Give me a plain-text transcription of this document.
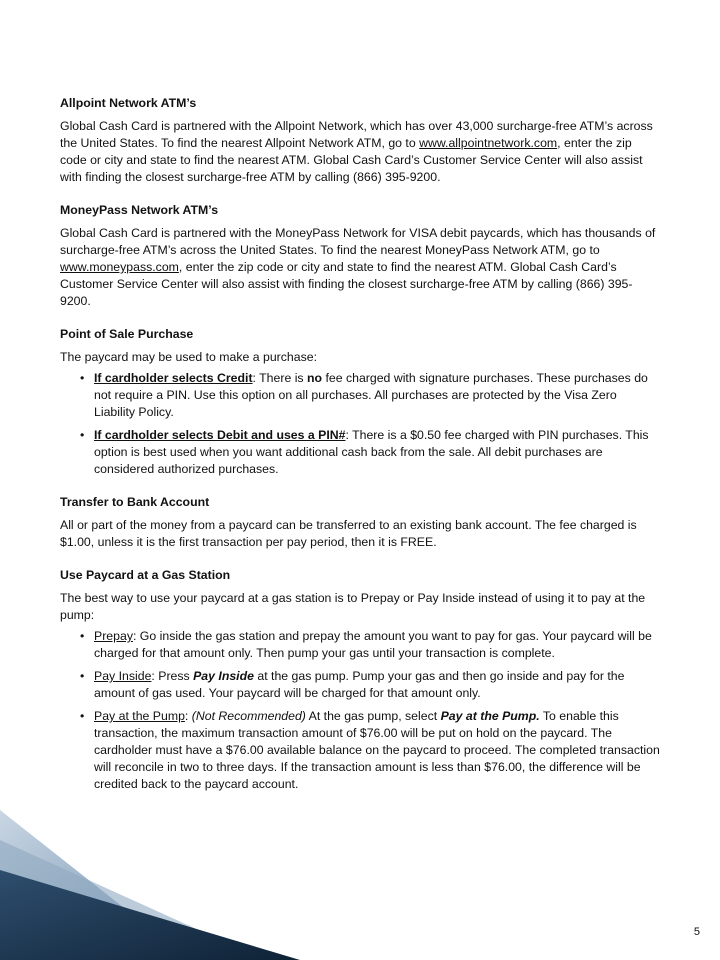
Allpoint Network ATM’s

Global Cash Card is partnered with the Allpoint Network, which has over 43,000 surcharge-free ATM’s across the United States. To find the nearest Allpoint Network ATM, go to www.allpointnetwork.com, enter the zip code or city and state to find the nearest ATM. Global Cash Card’s Customer Service Center will also assist with finding the closest surcharge-free ATM by calling (866) 395-9200.

MoneyPass Network ATM’s

Global Cash Card is partnered with the MoneyPass Network for VISA debit paycards, which has thousands of surcharge-free ATM’s across the United States. To find the nearest MoneyPass Network ATM, go to www.moneypass.com, enter the zip code or city and state to find the nearest ATM. Global Cash Card’s Customer Service Center will also assist with finding the closest surcharge-free ATM by calling (866) 395-9200.

Point of Sale Purchase

The paycard may be used to make a purchase:

• If cardholder selects Credit: There is no fee charged with signature purchases. These purchases do not require a PIN. Use this option on all purchases. All purchases are protected by the Visa Zero Liability Policy.
• If cardholder selects Debit and uses a PIN#: There is a $0.50 fee charged with PIN purchases. This option is best used when you want additional cash back from the sale. All debit purchases are considered authorized purchases.
Transfer to Bank Account

All or part of the money from a paycard can be transferred to an existing bank account. The fee charged is $1.00, unless it is the first transaction per pay period, then it is FREE.

Use Paycard at a Gas Station

The best way to use your paycard at a gas station is to Prepay or Pay Inside instead of using it to pay at the pump:

• Prepay: Go inside the gas station and prepay the amount you want to pay for gas. Your paycard will be charged for that amount only. Then pump your gas until your transaction is complete.
• Pay Inside: Press Pay Inside at the gas pump. Pump your gas and then go inside and pay for the amount of gas used. Your paycard will be charged for that amount only.
• Pay at the Pump: (Not Recommended) At the gas pump, select Pay at the Pump. To enable this transaction, the maximum transaction amount of $76.00 will be put on hold on the paycard. The cardholder must have a $76.00 available balance on the paycard to proceed. The completed transaction will reconcile in two to three days. If the transaction amount is less than $76.00, the difference will be credited back to the paycard account.
5
